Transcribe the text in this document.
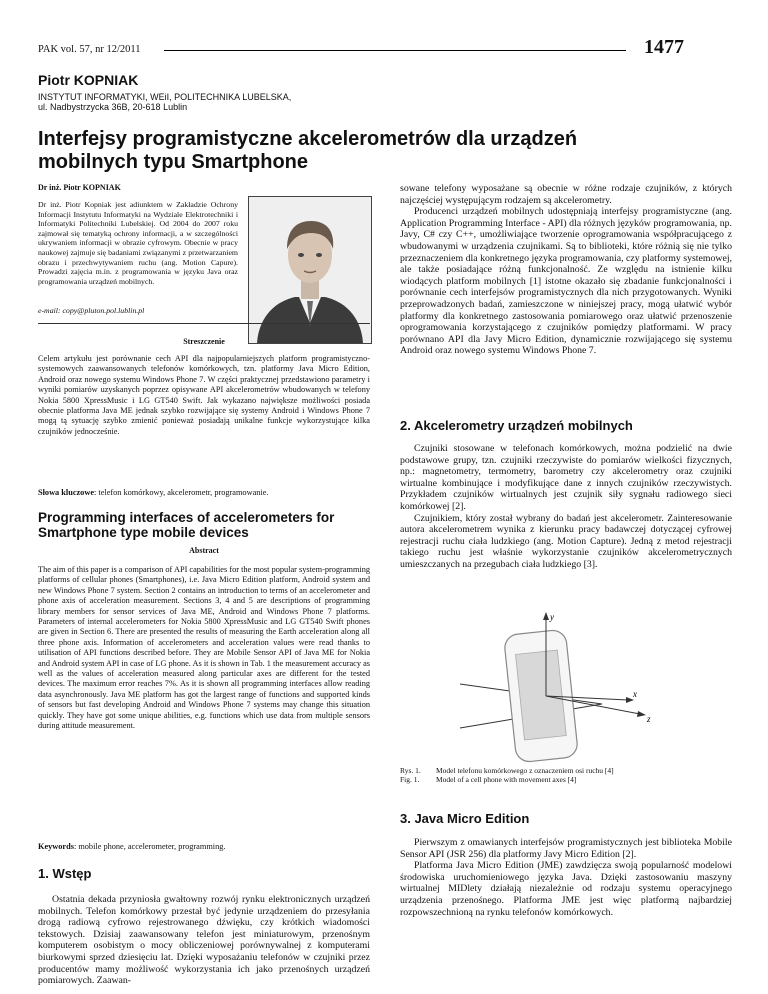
PAK vol. 57, nr 12/2011	1477
Piotr KOPNIAK
INSTYTUT INFORMATYKI, WEiI, POLITECHNIKA LUBELSKA,
ul. Nadbystrzycka 36B, 20-618 Lublin
Interfejsy programistyczne akcelerometrów dla urządzeń mobilnych typu Smartphone
Dr inż. Piotr KOPNIAK
Dr inż. Piotr Kopniak jest adiunktem w Zakładzie Ochrony Informacji Instytutu Informatyki na Wydziale Elektrotechniki i Informatyki Politechniki Lubelskiej. Od 2004 do 2007 roku zajmował się tematyką ochrony informacji, a w szczególności ukrywaniem informacji w obrazie cyfrowym. Obecnie w pracy naukowej zajmuje się badaniami związanymi z przetwarzaniem obrazu i przechwytywaniem ruchu (ang. Motion Capure). Prowadzi zajęcia m.in. z programowania w języku Java oraz programowania urządzeń mobilnych.
e-mail: copy@pluton.pol.lublin.pl
Streszczenie
Celem artykułu jest porównanie cech API dla najpopularniejszych platform programistyczno-systemowych zaawansowanych telefonów komórkowych, tzn. platformy Java Micro Edition, Android oraz nowego systemu Windows Phone 7. W części praktycznej przedstawiono parametry i wyniki pomiarów uzyskanych poprzez opisywane API akcelerometrów wbudowanych w telefony Nokia 5800 XpressMusic i LG GT540 Swift. Jak wykazano największe możliwości posiada obecnie platforma Java ME jednak szybko rozwijające się systemy Android i Windows Phone 7 mogą tą sytuację szybko zmienić ponieważ posiadają unikalne funkcje wykorzystujące kilka czujników jednocześnie.
Słowa kluczowe: telefon komórkowy, akcelerometr, programowanie.
Programming interfaces of accelerometers for Smartphone type mobile devices
Abstract
The aim of this paper is a comparison of API capabilities for the most popular system-programming platforms of cellular phones (Smartphones), i.e. Java Micro Edition platform, Android system and new Windows Phone 7 system. Section 2 contains an introduction to terms of an accelerometer and phone axis of acceleration measurement. Sections 3, 4 and 5 are descriptions of programming library members for sensor services of Java ME, Android and Windows Phone 7 platforms. Parameters of internal accelerometers for Nokia 5800 XpressMusic and LG GT540 Swift phones are given in Section 6. There are presented the results of measuring the Earth acceleration along all three phone axis. Information of accelerometers and acceleration values were read thanks to utilisation of API functions described before. They are Mobile Sensor API of Java ME for Nokia and Android system API in case of LG phone. As it is shown in Tab. 1 the measurement accuracy as well as the values of acceleration measured along particular axes are different for the tested devices. The maximum error reaches 7%. As it is shown all programming interfaces allow reading data asynchronously. Java ME platform has got the largest range of functions and supported kinds of sensors but fast developing Android and Windows Phone 7 systems may change this situation quickly. They have got some unique abilities, e.g. functions which use data from multiple sensors during attitude measurement.
Keywords: mobile phone, accelerometer, programming.
1. Wstęp
Ostatnia dekada przyniosła gwałtowny rozwój rynku elektronicznych urządzeń mobilnych. Telefon komórkowy przestał być jedynie urządzeniem do przesyłania drogą radiową cyfrowo rejestrowanego dźwięku, czy krótkich wiadomości tekstowych. Dzisiaj zaawansowany telefon jest miniaturowym, przenośnym komputerem osobistym o mocy obliczeniowej porównywalnej z komputerami biurkowymi sprzed dziesięciu lat. Dzięki wyposażaniu telefonów w czujniki przez producentów mamy możliwość wykorzystania ich jako przenośnych urządzeń pomiarowych. Zaawan-

sowane telefony wyposażane są obecnie w różne rodzaje czujników, z których najczęściej występującym rodzajem są akcelerometry.

Producenci urządzeń mobilnych udostępniają interfejsy programistyczne (ang. Application Programming Interface - API) dla różnych języków programowania, np. Javy, C# czy C++, umożliwiające tworzenie oprogramowania współpracującego z wbudowanymi w urządzenia czujnikami. Są to biblioteki, które różnią się nie tylko przeznaczeniem dla konkretnego języka programowania, czy platformy systemowej, ale także posiadające różną funkcjonalność. Ze względu na istnienie kilku wiodących platform mobilnych [1] istotne okazało się zbadanie funkcjonalności i porównanie cech interfejsów programistycznych dla nich przygotowanych. Wyniki przeprowadzonych badań, zamieszczone w niniejszej pracy, mogą ułatwić wybór platformy dla konkretnego zastosowania pomiarowego oraz ułatwić przenoszenie oprogramowania korzystającego z czujników pomiędzy platformami. W pracy porównano API dla Javy Micro Edition, dynamicznie rozwijającego się systemu Android oraz nowego systemu Windows Phone 7.

2. Akcelerometry urządzeń mobilnych

Czujniki stosowane w telefonach komórkowych, można podzielić na dwie podstawowe grupy, tzn. czujniki rzeczywiste do pomiarów wielkości fizycznych, np.: magnetometry, termometry, barometry czy akcelerometry oraz czujniki wirtualne kombinujące i modyfikujące dane z innych czujników rzeczywistych. Przykładem czujników wirtualnych jest czujnik siły sygnału radiowego sieci komórkowej [2].

Czujnikiem, który został wybrany do badań jest akcelerometr. Zainteresowanie autora akcelerometrem wynika z kierunku pracy badawczej dotyczącej cyfrowej rejestracji ruchu ciała ludzkiego (ang. Motion Capture). Jedną z metod rejestracji takiego ruchu jest właśnie wykorzystanie czujników akcelerometrycznych umieszczanych na przegubach ciała ludzkiego [3].

y
x
z
Rys. 1. Model telefonu komórkowego z oznaczeniem osi ruchu [4]
Fig. 1. Model of a cell phone with movement axes [4]
3. Java Micro Edition

Pierwszym z omawianych interfejsów programistycznych jest biblioteka Mobile Sensor API (JSR 256) dla platformy Javy Micro Edition [2].

Platforma Java Micro Edition (JME) zawdzięcza swoją popularność modelowi środowiska uruchomieniowego języka Java. Dzięki zastosowaniu maszyny wirtualnej MIDlety działają niezależnie od rodzaju systemu operacyjnego urządzenia przenośnego. Platforma JME jest więc platformą najbardziej rozpowszechnioną na rynku telefonów komórkowych.
